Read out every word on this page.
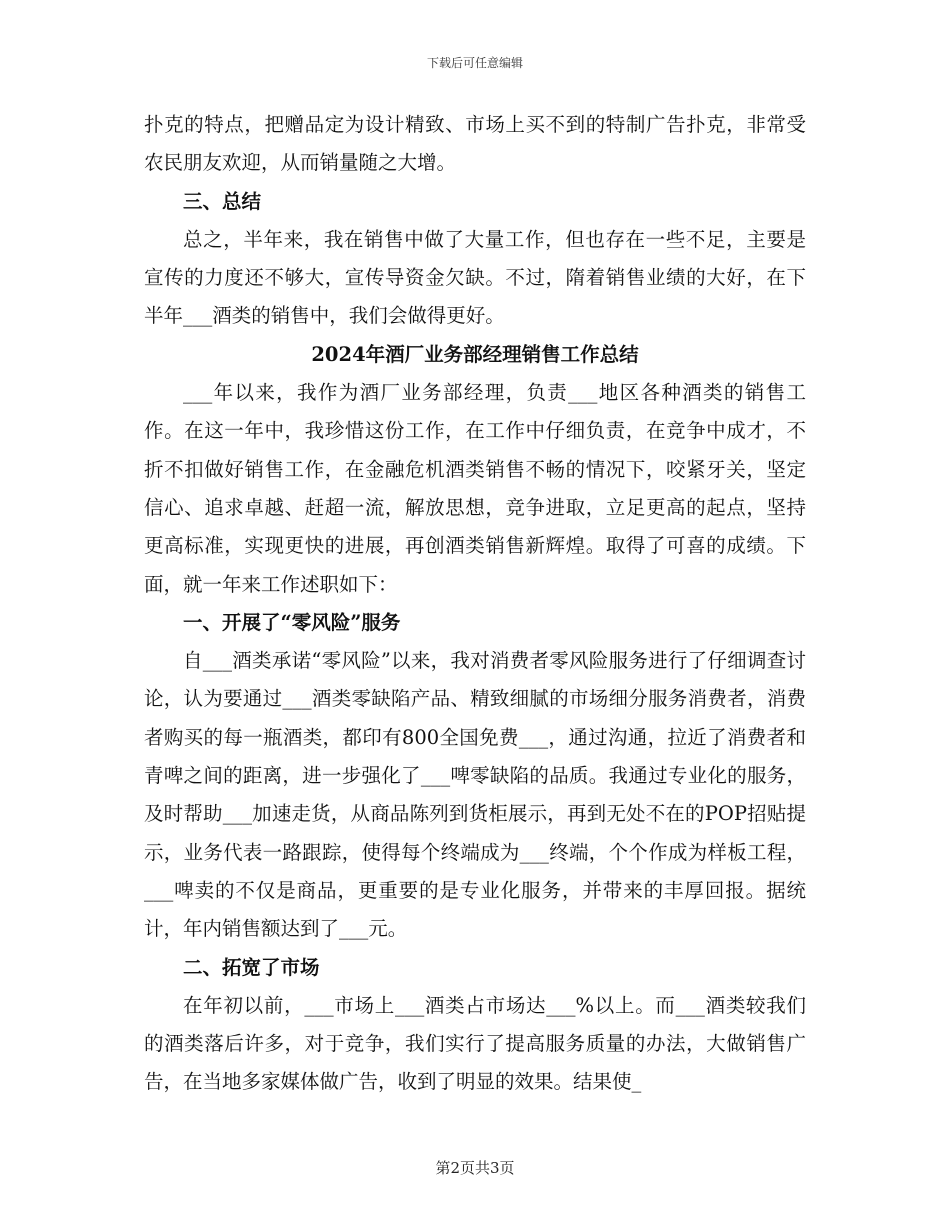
下载后可任意编辑

扑克的特点，把赠品定为设计精致、市场上买不到的特制广告扑克，非常受农民朋友欢迎，从而销量随之大增。

三、总结

总之，半年来，我在销售中做了大量工作，但也存在一些不足，主要是宣传的力度还不够大，宣传导资金欠缺。不过，隋着销售业绩的大好，在下半年___酒类的销售中，我们会做得更好。

2024年酒厂业务部经理销售工作总结

___年以来，我作为酒厂业务部经理，负责___地区各种酒类的销售工作。在这一年中，我珍惜这份工作，在工作中仔细负责，在竞争中成才，不折不扣做好销售工作，在金融危机酒类销售不畅的情况下，咬紧牙关，坚定信心、追求卓越、赶超一流，解放思想，竞争进取，立足更高的起点，坚持更高标准，实现更快的进展，再创酒类销售新辉煌。取得了可喜的成绩。下面，就一年来工作述职如下：

一、开展了“零风险”服务

自___酒类承诺“零风险”以来，我对消费者零风险服务进行了仔细调查讨论，认为要通过___酒类零缺陷产品、精致细腻的市场细分服务消费者，消费者购买的每一瓶酒类，都印有800全国免费___，通过沟通，拉近了消费者和青啤之间的距离，进一步强化了___啤零缺陷的品质。我通过专业化的服务，及时帮助___加速走货，从商品陈列到货柜展示，再到无处不在的POP招贴提示，业务代表一路跟踪，使得每个终端成为___终端，个个作成为样板工程，___啤卖的不仅是商品，更重要的是专业化服务，并带来的丰厚回报。据统计，年内销售额达到了___元。

二、拓宽了市场

在年初以前，___市场上___酒类占市场达___%以上。而___酒类较我们的酒类落后许多，对于竞争，我们实行了提高服务质量的办法，大做销售广告，在当地多家媒体做广告，收到了明显的效果。结果使_

第2页共3页
